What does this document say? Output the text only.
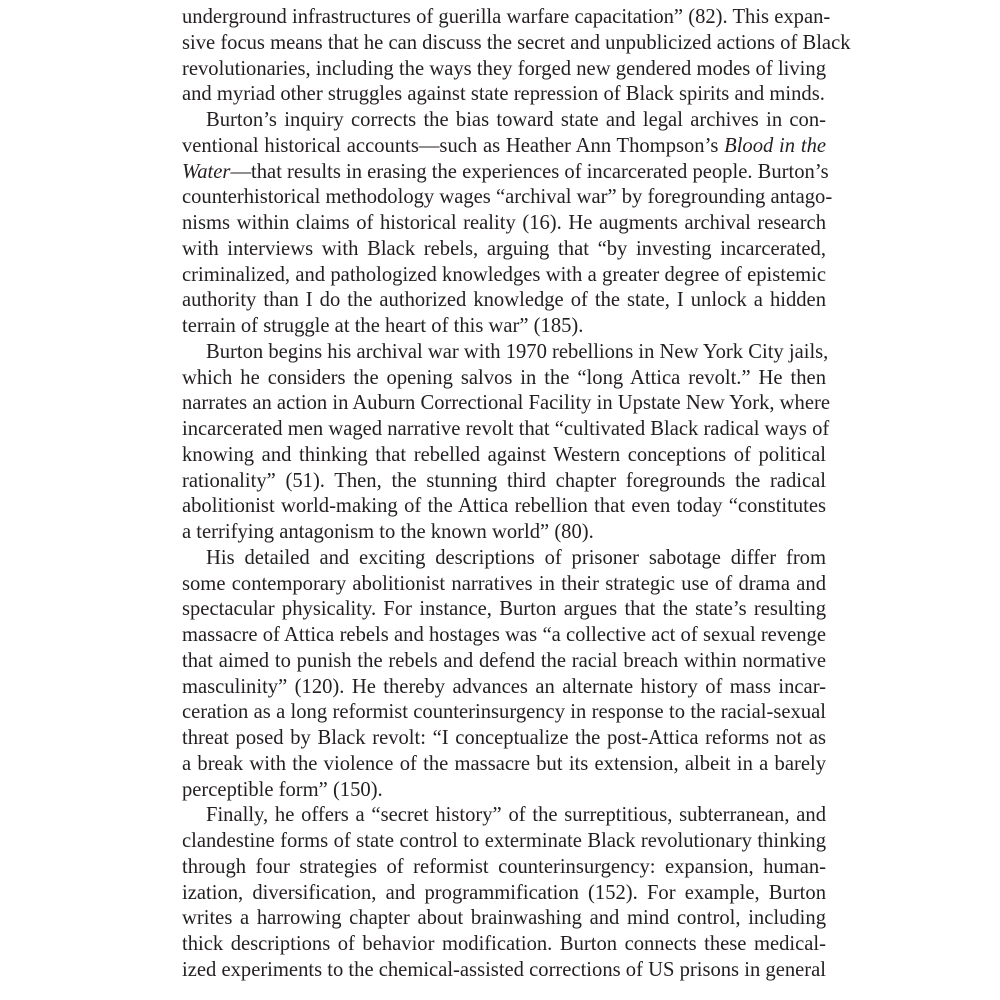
underground infrastructures of guerilla warfare capacitation” (82). This expan-
sive focus means that he can discuss the secret and unpublicized actions of Black
revolutionaries, including the ways they forged new gendered modes of living
and myriad other struggles against state repression of Black spirits and minds.

Burton’s inquiry corrects the bias toward state and legal archives in con-
ventional historical accounts—such as Heather Ann Thompson’s Blood in the
Water—that results in erasing the experiences of incarcerated people. Burton’s
counterhistorical methodology wages “archival war” by foregrounding antago-
nisms within claims of historical reality (16). He augments archival research
with interviews with Black rebels, arguing that “by investing incarcerated,
criminalized, and pathologized knowledges with a greater degree of epistemic
authority than I do the authorized knowledge of the state, I unlock a hidden
terrain of struggle at the heart of this war” (185).

Burton begins his archival war with 1970 rebellions in New York City jails,
which he considers the opening salvos in the “long Attica revolt.” He then
narrates an action in Auburn Correctional Facility in Upstate New York, where
incarcerated men waged narrative revolt that “cultivated Black radical ways of
knowing and thinking that rebelled against Western conceptions of political
rationality” (51). Then, the stunning third chapter foregrounds the radical
abolitionist world-making of the Attica rebellion that even today “constitutes
a terrifying antagonism to the known world” (80).

His detailed and exciting descriptions of prisoner sabotage differ from
some contemporary abolitionist narratives in their strategic use of drama and
spectacular physicality. For instance, Burton argues that the state’s resulting
massacre of Attica rebels and hostages was “a collective act of sexual revenge
that aimed to punish the rebels and defend the racial breach within normative
masculinity” (120). He thereby advances an alternate history of mass incar-
ceration as a long reformist counterinsurgency in response to the racial-sexual
threat posed by Black revolt: “I conceptualize the post-Attica reforms not as
a break with the violence of the massacre but its extension, albeit in a barely
perceptible form” (150).

Finally, he offers a “secret history” of the surreptitious, subterranean, and
clandestine forms of state control to exterminate Black revolutionary thinking
through four strategies of reformist counterinsurgency: expansion, human-
ization, diversification, and programmification (152). For example, Burton
writes a harrowing chapter about brainwashing and mind control, including
thick descriptions of behavior modification. Burton connects these medical-
ized experiments to the chemical-assisted corrections of US prisons in general
